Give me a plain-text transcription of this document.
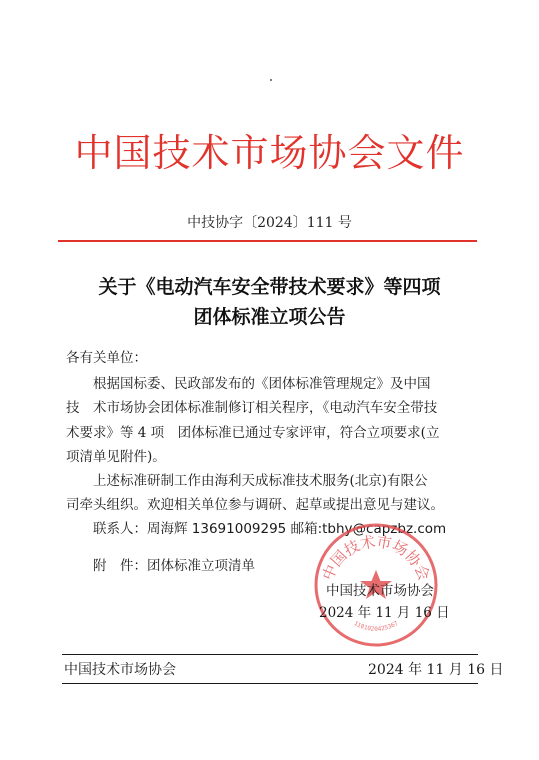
中国技术市场协会文件
中技协字〔2024〕111 号
关于《电动汽车安全带技术要求》等四项
团体标准立项公告
各有关单位：
　　根据国标委、民政部发布的《团体标准管理规定》及中国
技　术市场协会团体标准制修订相关程序，《电动汽车安全带技
术要求》等 4 项　团体标准已通过专家评审，符合立项要求(立
项清单见附件)。
　　上述标准研制工作由海利天成标准技术服务(北京)有限公
司牵头组织。欢迎相关单位参与调研、起草或提出意见与建议。
　　联系人：周海辉 13691009295 邮箱:tbhy@capzbz.com
　　附　件：团体标准立项清单	中国技术市场协会
1101020425367
中国技术市场协会
2024 年 11 月 16 日
中国技术市场协会	2024 年 11 月 16 日
